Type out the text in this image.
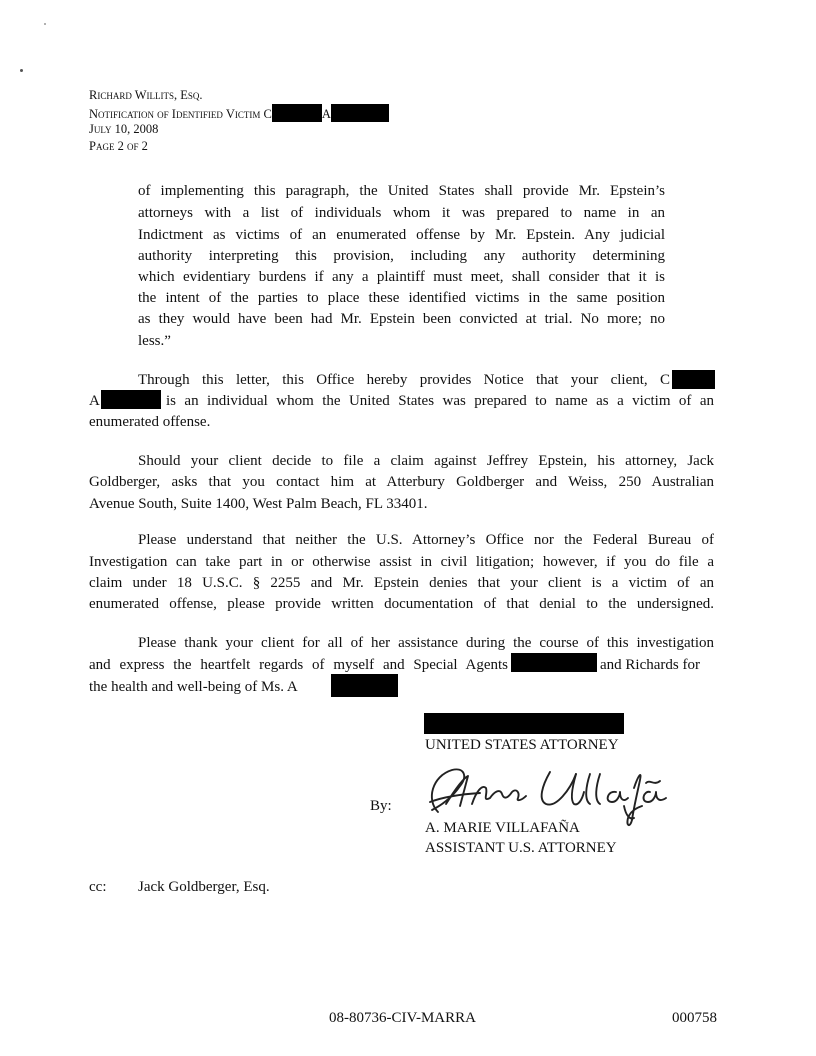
Richard Willits, Esq.
Notification of Identified Victim C	A
July 10, 2008
Page 2 of 2
of implementing this paragraph, the United States shall provide Mr. Epstein’s
attorneys with a list of individuals whom it was prepared to name in an
Indictment as victims of an enumerated offense by Mr. Epstein. Any judicial
authority interpreting this provision, including any authority determining
which evidentiary burdens if any a plaintiff must meet, shall consider that it is
the intent of the parties to place these identified victims in the same position
as they would have been had Mr. Epstein been convicted at trial. No more; no
less.”
Through this letter, this Office hereby provides Notice that your client, C
A	is an individual whom the United States was prepared to name as a victim of an
enumerated offense.
Should your client decide to file a claim against Jeffrey Epstein, his attorney, Jack
Goldberger, asks that you contact him at Atterbury Goldberger and Weiss, 250 Australian
Avenue South, Suite 1400, West Palm Beach, FL 33401.
Please understand that neither the U.S. Attorney’s Office nor the Federal Bureau of
Investigation can take part in or otherwise assist in civil litigation; however, if you do file a
claim under 18 U.S.C. § 2255 and Mr. Epstein denies that your client is a victim of an
enumerated offense, please provide written documentation of that denial to the undersigned.
Please thank your client for all of her assistance during the course of this investigation
and express the heartfelt regards of myself and Special Agents	and Richards for
the health and well-being of Ms. A
UNITED STATES ATTORNEY
By:
A. MARIE VILLAFAÑA
ASSISTANT U.S. ATTORNEY
cc: Jack Goldberger, Esq.
08-80736-CIV-MARRA	000758
